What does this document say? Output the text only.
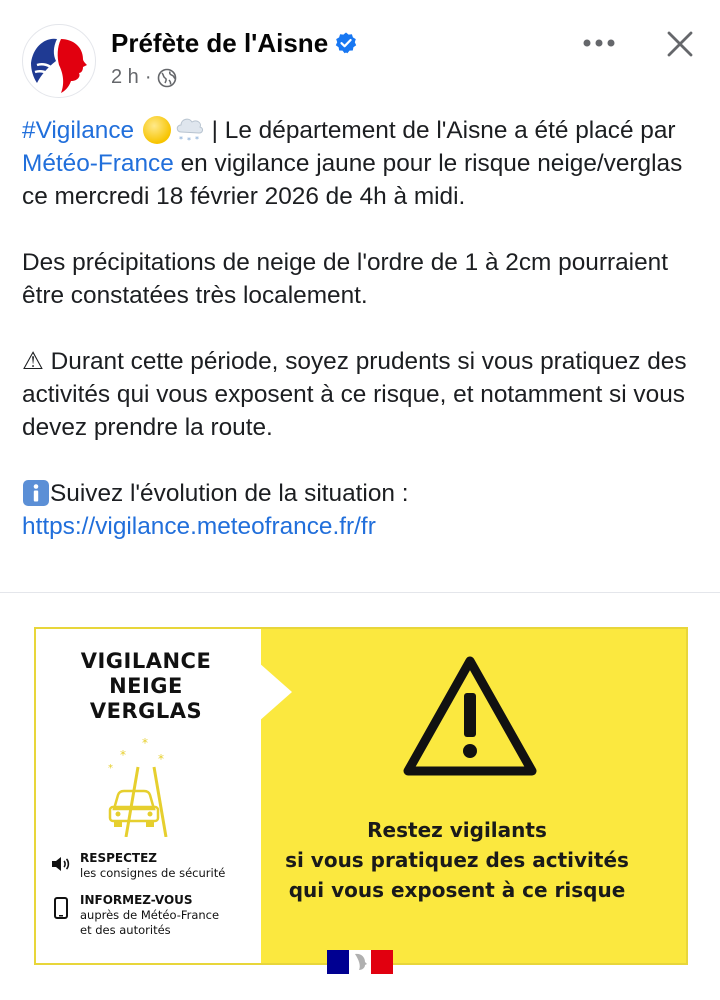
Préfète de l'Aisne
2 h ·

#Vigilance	* * * | Le département de l'Aisne a été placé par Météo-France en vigilance jaune pour le risque neige/verglas ce mercredi 18 février 2026 de 4h à midi.

Des précipitations de neige de l'ordre de 1 à 2cm pourraient être constatées très localement.

⚠ Durant cette période, soyez prudents si vous pratiquez des activités qui vous exposent à ce risque, et notamment si vous devez prendre la route.

Suivez l'évolution de la situation : https://vigilance.meteofrance.fr/fr

VIGILANCE
NEIGE
VERGLAS
*
*
*
*
RESPECTEZ
les consignes de sécurité
INFORMEZ-VOUS
auprès de Météo-France
et des autorités
Restez vigilants
si vous pratiquez des activités
qui vous exposent à ce risque
